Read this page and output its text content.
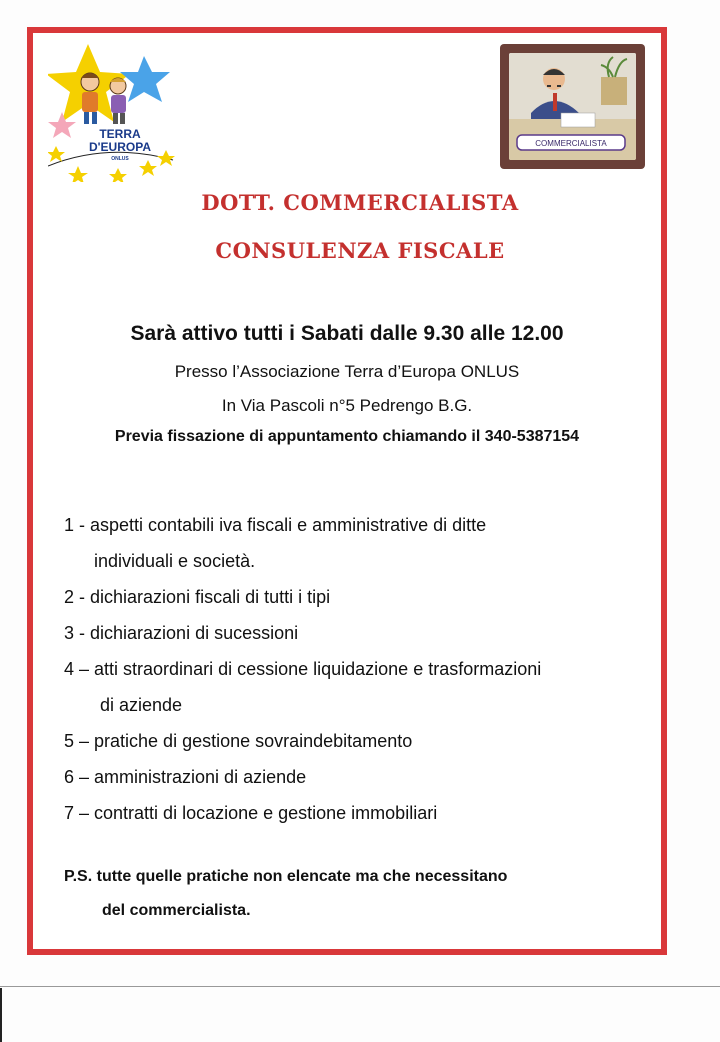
TERRA
D'EUROPA
ONLUS
COMMERCIALISTA
DOTT. COMMERCIALISTA
CONSULENZA FISCALE
Sarà attivo tutti i Sabati dalle 9.30 alle 12.00
Presso l’Associazione Terra d’Europa ONLUS
In Via Pascoli n°5 Pedrengo B.G.
Previa fissazione di appuntamento chiamando il 340-5387154
1 - aspetti contabili iva fiscali e amministrative di ditte
individuali e società.
2 - dichiarazioni fiscali di tutti i tipi
3 - dichiarazioni di sucessioni
4 – atti straordinari di cessione liquidazione e trasformazioni
di aziende
5 – pratiche di gestione sovraindebitamento
6 – amministrazioni di aziende
7 – contratti di locazione e gestione immobiliari
P.S. tutte quelle pratiche non elencate ma che necessitano
del commercialista.
